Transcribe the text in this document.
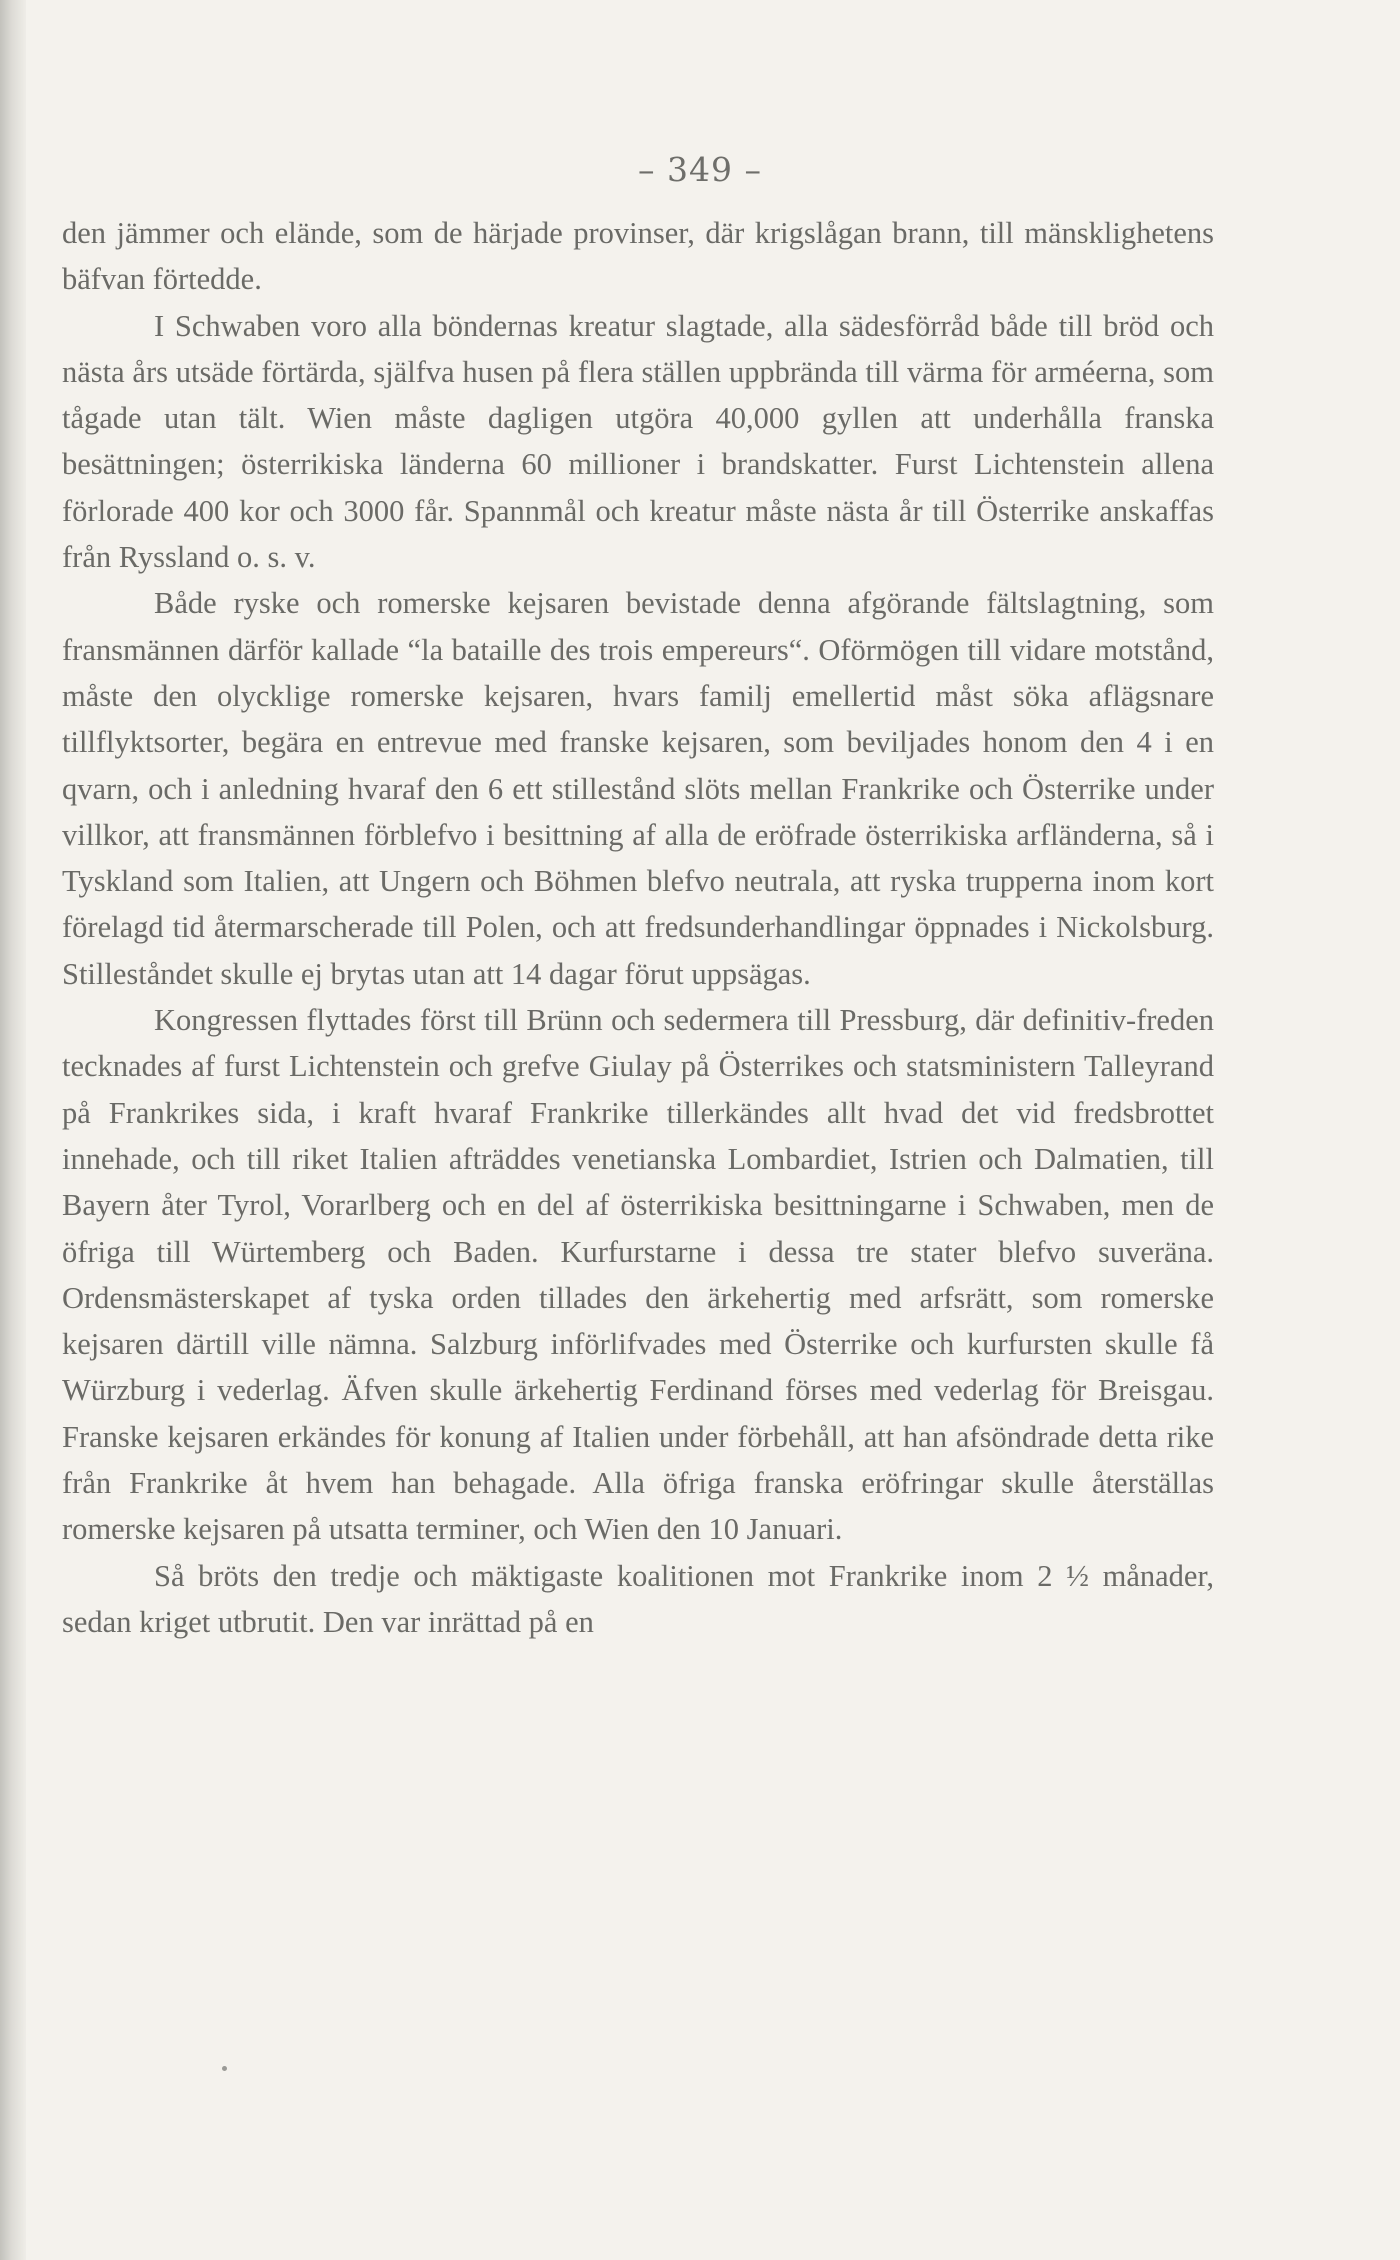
– 349 –

den jämmer och elände, som de härjade provinser, där krigslågan brann, till mänsklighetens bäfvan förtedde.

I Schwaben voro alla böndernas kreatur slagtade, alla sädesförråd både till bröd och nästa års utsäde förtärda, själfva husen på flera ställen uppbrända till värma för arméerna, som tågade utan tält. Wien måste dagligen utgöra 40,000 gyllen att underhålla franska besättningen; österrikiska länderna 60 millioner i brandskatter. Furst Lichtenstein allena förlorade 400 kor och 3000 får. Spannmål och kreatur måste nästa år till Österrike anskaffas från Ryssland o. s. v.

Både ryske och romerske kejsaren bevistade denna afgörande fältslagtning, som fransmännen därför kallade “la bataille des trois empereurs“. Oförmögen till vidare motstånd, måste den olycklige romerske kejsaren, hvars familj emellertid måst söka aflägsnare tillflyktsorter, begära en entrevue med franske kejsaren, som beviljades honom den 4 i en qvarn, och i anledning hvaraf den 6 ett stillestånd slöts mellan Frankrike och Österrike under villkor, att fransmännen förblefvo i besittning af alla de eröfrade österrikiska arfländerna, så i Tyskland som Italien, att Ungern och Böhmen blefvo neutrala, att ryska trupperna inom kort förelagd tid återmarscherade till Polen, och att fredsunderhandlingar öppnades i Nickolsburg. Stilleståndet skulle ej brytas utan att 14 dagar förut uppsägas.

Kongressen flyttades först till Brünn och sedermera till Pressburg, där definitiv-freden tecknades af furst Lichtenstein och grefve Giulay på Österrikes och statsministern Talleyrand på Frankrikes sida, i kraft hvaraf Frankrike tillerkändes allt hvad det vid fredsbrottet innehade, och till riket Italien afträddes venetianska Lombardiet, Istrien och Dalmatien, till Bayern åter Tyrol, Vorarlberg och en del af österrikiska besittningarne i Schwaben, men de öfriga till Würtemberg och Baden. Kurfurstarne i dessa tre stater blefvo suveräna. Ordensmästerskapet af tyska orden tillades den ärkehertig med arfsrätt, som romerske kejsaren därtill ville nämna. Salzburg införlifvades med Österrike och kurfursten skulle få Würzburg i vederlag. Äfven skulle ärkehertig Ferdinand förses med vederlag för Breisgau. Franske kejsaren erkändes för konung af Italien under förbehåll, att han afsöndrade detta rike från Frankrike åt hvem han behagade. Alla öfriga franska eröfringar skulle återställas romerske kejsaren på utsatta terminer, och Wien den 10 Januari.

Så bröts den tredje och mäktigaste koalitionen mot Frankrike inom 2 ½ månader, sedan kriget utbrutit. Den var inrättad på en
